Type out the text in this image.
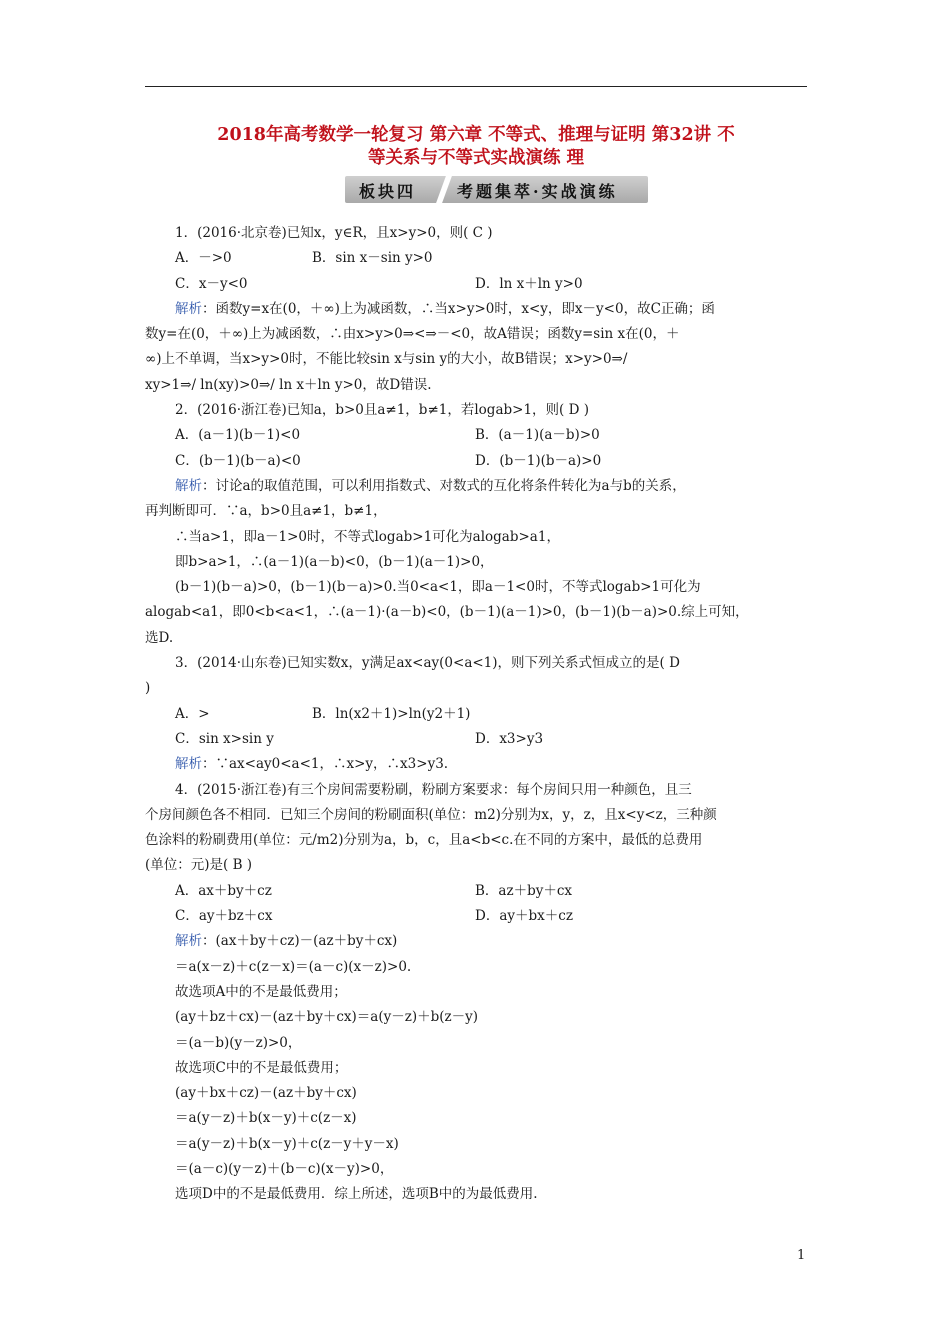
2018年高考数学一轮复习 第六章 不等式、推理与证明 第32讲 不
等关系与不等式实战演练 理
板块四	考题集萃·实战演练
1．(2016·北京卷)已知x，y∈R，且x>y>0，则( C )
A．－>0	B．sin x－sin y>0
C．x－y<0	D．ln x＋ln y>0
解析：函数y=x在(0，＋∞)上为减函数，∴当x>y>0时，x<y，即x－y<0，故C正确；函
数y=在(0，＋∞)上为减函数，∴由x>y>0⇒<⇒－<0，故A错误；函数y=sin x在(0，＋
∞)上不单调，当x>y>0时，不能比较sin x与sin y的大小，故B错误；x>y>0⇒/
xy>1⇒/ ln(xy)>0⇒/ ln x＋ln y>0，故D错误.
2．(2016·浙江卷)已知a，b>0且a≠1，b≠1，若logab>1，则( D )
A．(a－1)(b－1)<0	B．(a－1)(a－b)>0
C．(b－1)(b－a)<0	D．(b－1)(b－a)>0
解析：讨论a的取值范围，可以利用指数式、对数式的互化将条件转化为a与b的关系，
再判断即可．∵a，b>0且a≠1，b≠1，
∴当a>1，即a－1>0时，不等式logab>1可化为alogab>a1，
即b>a>1，∴(a－1)(a－b)<0，(b－1)(a－1)>0，
(b－1)(b－a)>0，(b－1)(b－a)>0.当0<a<1，即a－1<0时，不等式logab>1可化为
alogab<a1，即0<b<a<1，∴(a－1)·(a－b)<0，(b－1)(a－1)>0，(b－1)(b－a)>0.综上可知，
选D.
3．(2014·山东卷)已知实数x，y满足ax<ay(0<a<1)，则下列关系式恒成立的是( D
)
A．>	B．ln(x2＋1)>ln(y2＋1)
C．sin x>sin y	D．x3>y3
解析：∵ax<ay0<a<1，∴x>y，∴x3>y3.
4．(2015·浙江卷)有三个房间需要粉刷，粉刷方案要求：每个房间只用一种颜色，且三
个房间颜色各不相同．已知三个房间的粉刷面积(单位：m2)分别为x，y，z，且x<y<z，三种颜
色涂料的粉刷费用(单位：元/m2)分别为a，b，c，且a<b<c.在不同的方案中，最低的总费用
(单位：元)是( B )
A．ax＋by＋cz	B．az＋by＋cx
C．ay＋bz＋cx	D．ay＋bx＋cz
解析：(ax＋by＋cz)－(az＋by＋cx)
＝a(x－z)＋c(z－x)＝(a－c)(x－z)>0.
故选项A中的不是最低费用；
(ay＋bz＋cx)－(az＋by＋cx)＝a(y－z)＋b(z－y)
＝(a－b)(y－z)>0，
故选项C中的不是最低费用；
(ay＋bx＋cz)－(az＋by＋cx)
＝a(y－z)＋b(x－y)＋c(z－x)
＝a(y－z)＋b(x－y)＋c(z－y＋y－x)
＝(a－c)(y－z)＋(b－c)(x－y)>0，
选项D中的不是最低费用．综上所述，选项B中的为最低费用.
1
